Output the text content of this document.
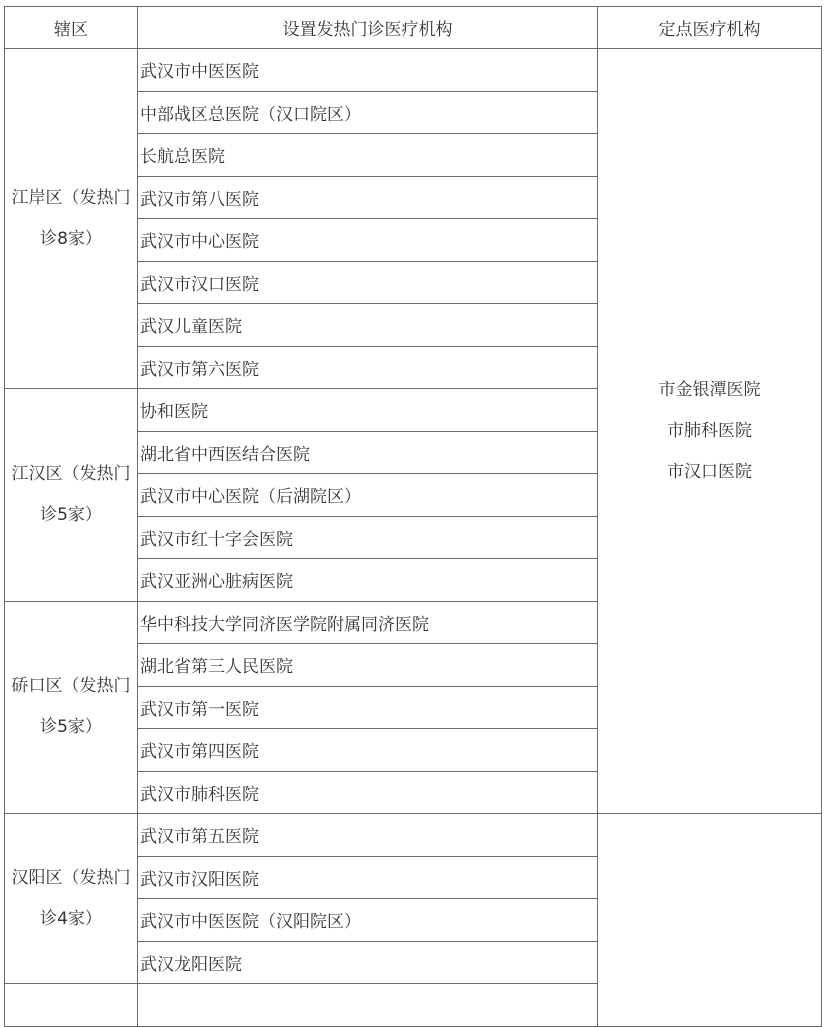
辖区	设置发热门诊医疗机构	定点医疗机构

江岸区（发热门
诊8家）	武汉市中医医院	市金银潭医院
市肺科医院
市汉口医院

	中部战区总医院（汉口院区）	
	长航总医院	
	武汉市第八医院	
	武汉市中心医院	
	武汉市汉口医院	
	武汉儿童医院	
	武汉市第六医院	

江汉区（发热门
诊5家）	协和医院	
	湖北省中西医结合医院	
	武汉市中心医院（后湖院区）	
	武汉市红十字会医院	
	武汉亚洲心脏病医院	

硚口区（发热门
诊5家）	华中科技大学同济医学院附属同济医院	
	湖北省第三人民医院	
	武汉市第一医院	
	武汉市第四医院	
	武汉市肺科医院	

汉阳区（发热门
诊4家）	武汉市第五医院	
	武汉市汉阳医院	
	武汉市中医医院（汉阳院区）	
	武汉龙阳医院	
